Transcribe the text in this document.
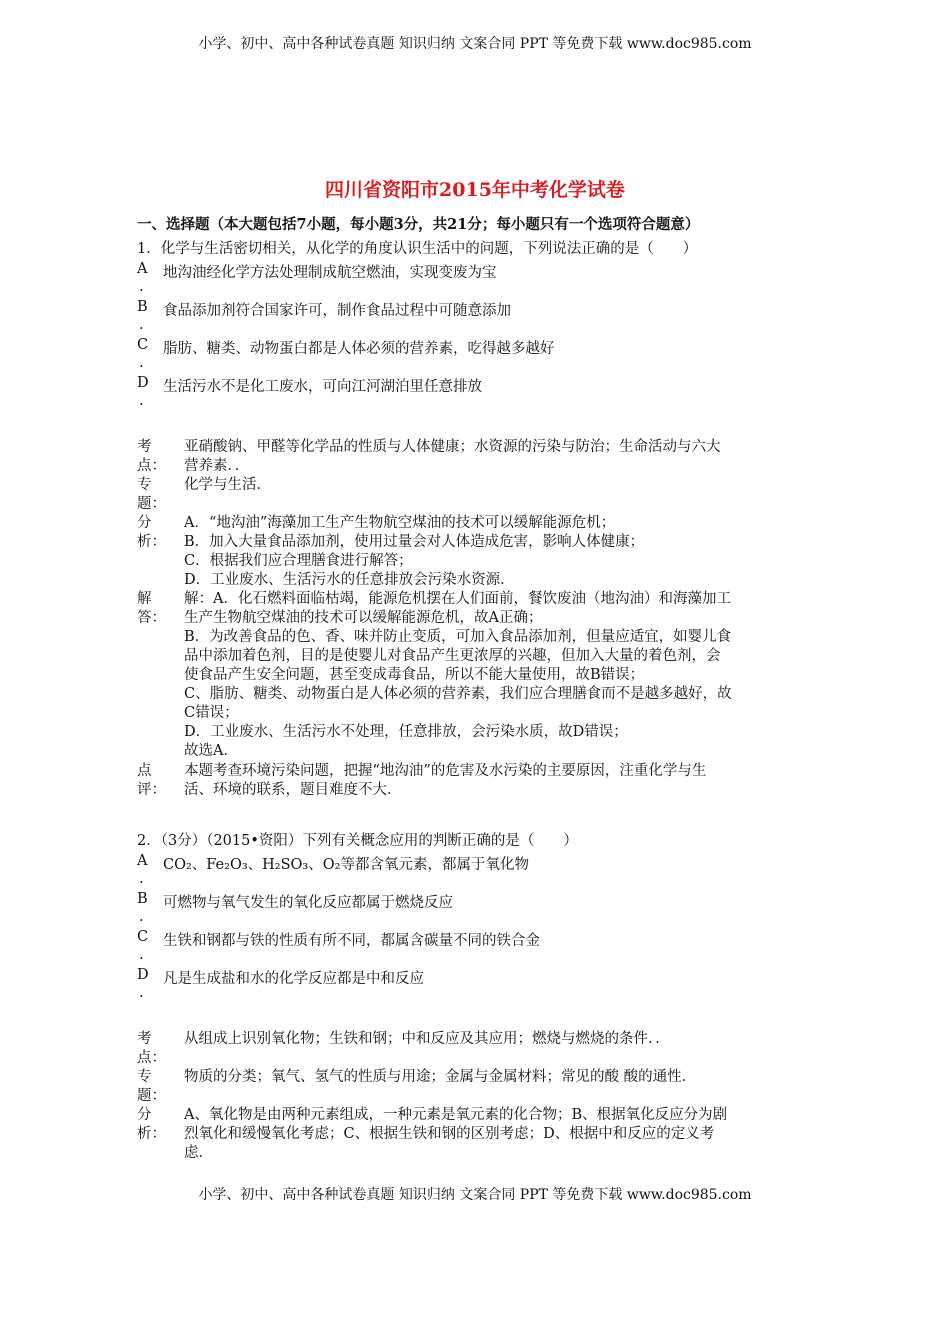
小学、初中、高中各种试卷真题 知识归纳 文案合同 PPT 等免费下载 www.doc985.com
四川省资阳市2015年中考化学试卷
一、选择题（本大题包括7小题，每小题3分，共21分；每小题只有一个选项符合题意）
1．化学与生活密切相关，从化学的角度认识生活中的问题，下列说法正确的是（　　）
A
.
地沟油经化学方法处理制成航空燃油，实现变废为宝
B
.
食品添加剂符合国家许可，制作食品过程中可随意添加
C
.
脂肪、糖类、动物蛋白都是人体必须的营养素，吃得越多越好
D
.
生活污水不是化工废水，可向江河湖泊里任意排放
考
点：
亚硝酸钠、甲醛等化学品的性质与人体健康；水资源的污染与防治；生命活动与六大
营养素．．
专
题：
化学与生活．
分
析：
A．“地沟油”海藻加工生产生物航空煤油的技术可以缓解能源危机；
B．加入大量食品添加剂，使用过量会对人体造成危害，影响人体健康；
C．根据我们应合理膳食进行解答；
D．工业废水、生活污水的任意排放会污染水资源．
解
答：
解：A．化石燃料面临枯竭，能源危机摆在人们面前，餐饮废油（地沟油）和海藻加工
生产生物航空煤油的技术可以缓解能源危机，故A正确；
B．为改善食品的色、香、味并防止变质，可加入食品添加剂，但量应适宜，如婴儿食
品中添加着色剂，目的是使婴儿对食品产生更浓厚的兴趣，但加入大量的着色剂，会
使食品产生安全问题，甚至变成毒食品，所以不能大量使用，故B错误；
C、脂肪、糖类、动物蛋白是人体必须的营养素，我们应合理膳食而不是越多越好，故
C错误；
D．工业废水、生活污水不处理，任意排放，会污染水质，故D错误；
故选A．
点
评：
本题考查环境污染问题，把握“地沟油”的危害及水污染的主要原因，注重化学与生
活、环境的联系，题目难度不大．
2．（3分）（2015•资阳）下列有关概念应用的判断正确的是（　　）
A
.
CO₂、Fe₂O₃、H₂SO₃、O₂等都含氧元素，都属于氧化物
B
.
可燃物与氧气发生的氧化反应都属于燃烧反应
C
.
生铁和钢都与铁的性质有所不同，都属含碳量不同的铁合金
D
.
凡是生成盐和水的化学反应都是中和反应
考
点：
从组成上识别氧化物；生铁和钢；中和反应及其应用；燃烧与燃烧的条件．．
专
题：
物质的分类；氧气、氢气的性质与用途；金属与金属材料；常见的酸 酸的通性．
分
析：
A、氧化物是由两种元素组成，一种元素是氧元素的化合物；B、根据氧化反应分为剧
烈氧化和缓慢氧化考虑；C、根据生铁和钢的区别考虑；D、根据中和反应的定义考
虑．
小学、初中、高中各种试卷真题 知识归纳 文案合同 PPT 等免费下载 www.doc985.com
